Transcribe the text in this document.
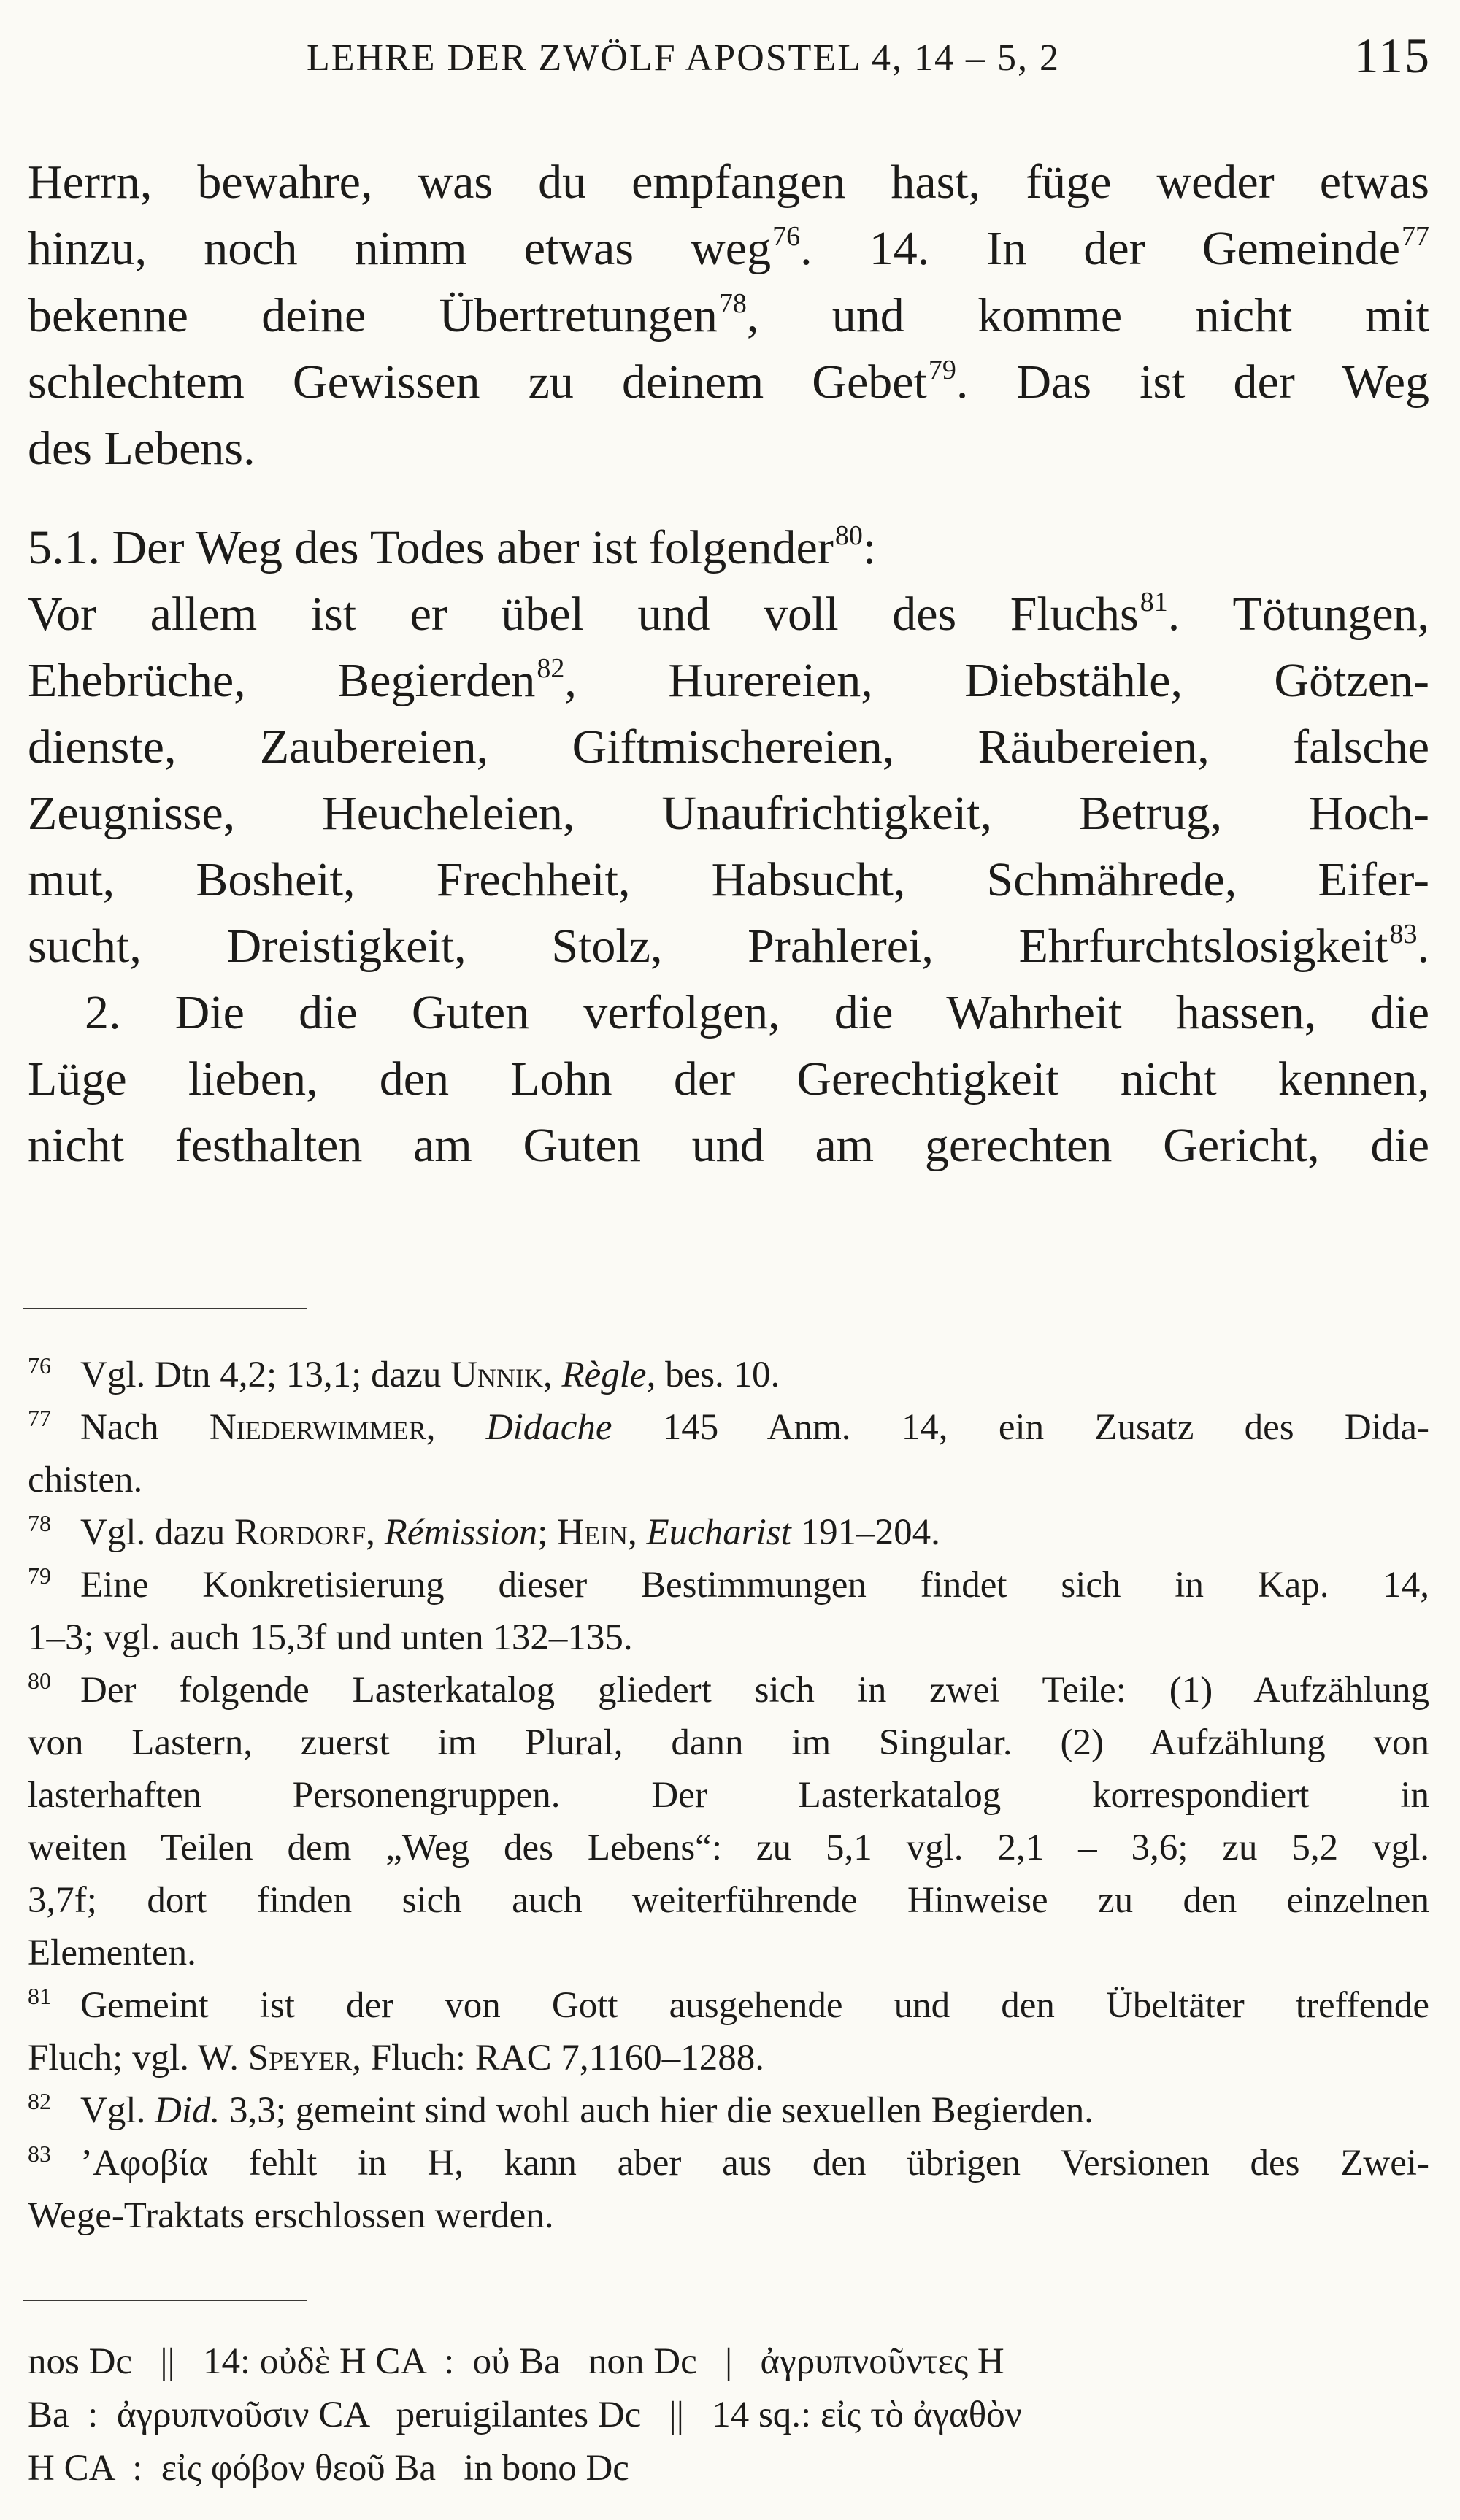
LEHRE DER ZWÖLF APOSTEL 4, 14 – 5, 2	115
Herrn, bewahre, was du empfangen hast, füge weder etwas
hinzu, noch nimm etwas weg$^{76}$. 14. In der Gemeinde$^{77}$
bekenne deine Übertretungen$^{78}$, und komme nicht mit
schlechtem Gewissen zu deinem Gebet$^{79}$. Das ist der Weg
des Lebens.
5.1. Der Weg des Todes aber ist folgender$^{80}$:
Vor allem ist er übel und voll des Fluchs$^{81}$. Tötungen,
Ehebrüche, Begierden$^{82}$, Hurereien, Diebstähle, Götzen-
dienste, Zaubereien, Giftmischereien, Räubereien, falsche
Zeugnisse, Heucheleien, Unaufrichtigkeit, Betrug, Hoch-
mut, Bosheit, Frechheit, Habsucht, Schmährede, Eifer-
sucht, Dreistigkeit, Stolz, Prahlerei, Ehrfurchtslosigkeit$^{83}$.
2. Die die Guten verfolgen, die Wahrheit hassen, die
Lüge lieben, den Lohn der Gerechtigkeit nicht kennen,
nicht festhalten am Guten und am gerechten Gericht, die
76 Vgl. Dtn 4,2; 13,1; dazu Unnik, Règle, bes. 10.
77 Nach Niederwimmer, Didache 145 Anm. 14, ein Zusatz des Dida-
chisten.
78 Vgl. dazu Rordorf, Rémission; Hein, Eucharist 191–204.
79 Eine Konkretisierung dieser Bestimmungen findet sich in Kap. 14,
1–3; vgl. auch 15,3f und unten 132–135.
80 Der folgende Lasterkatalog gliedert sich in zwei Teile: (1) Aufzählung
von Lastern, zuerst im Plural, dann im Singular. (2) Aufzählung von
lasterhaften Personengruppen. Der Lasterkatalog korrespondiert in
weiten Teilen dem „Weg des Lebens“: zu 5,1 vgl. 2,1 – 3,6; zu 5,2 vgl.
3,7f; dort finden sich auch weiterführende Hinweise zu den einzelnen
Elementen.
81 Gemeint ist der von Gott ausgehende und den Übeltäter treffende
Fluch; vgl. W. Speyer, Fluch: RAC 7,1160–1288.
82 Vgl. Did. 3,3; gemeint sind wohl auch hier die sexuellen Begierden.
83 ’Αφοβία fehlt in H, kann aber aus den übrigen Versionen des Zwei-
Wege-Traktats erschlossen werden.
nos Dc   ||   14: οὐδὲ H CA  :  οὐ Ba   non Dc   |   ἀγρυπνοῦντες H
Ba  :  ἀγρυπνοῦσιν CA   peruigilantes Dc   ||   14 sq.: εἰς τὸ ἀγαθὸν
H CA  :  εἰς φόβον θεοῦ Ba   in bono Dc
